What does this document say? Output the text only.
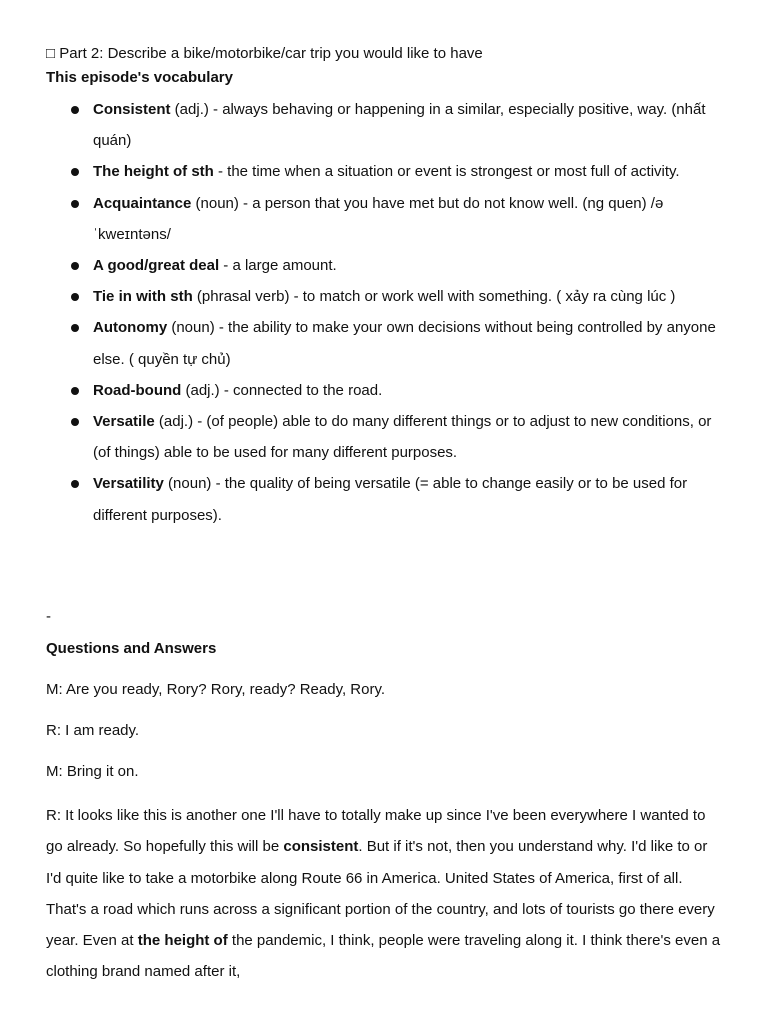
□ Part 2: Describe a bike/motorbike/car trip you would like to have
This episode's vocabulary
Consistent (adj.) - always behaving or happening in a similar, especially positive, way. (nhất quán)
The height of sth - the time when a situation or event is strongest or most full of activity.
Acquaintance (noun) - a person that you have met but do not know well. (ng quen) /əˈkweɪntəns/
A good/great deal - a large amount.
Tie in with sth (phrasal verb) - to match or work well with something. ( xảy ra cùng lúc )
Autonomy (noun) - the ability to make your own decisions without being controlled by anyone else. ( quyền tự chủ)
Road-bound (adj.) - connected to the road.
Versatile (adj.) - (of people) able to do many different things or to adjust to new conditions, or (of things) able to be used for many different purposes.
Versatility (noun) - the quality of being versatile (= able to change easily or to be used for different purposes).
-
Questions and Answers
M: Are you ready, Rory? Rory, ready? Ready, Rory.
R: I am ready.
M: Bring it on.

R: It looks like this is another one I'll have to totally make up since I've been everywhere I wanted to go already. So hopefully this will be consistent. But if it's not, then you understand why. I'd like to or I'd quite like to take a motorbike along Route 66 in America. United States of America, first of all. That's a road which runs across a significant portion of the country, and lots of tourists go there every year. Even at the height of the pandemic, I think, people were traveling along it. I think there's even a clothing brand named after it,
